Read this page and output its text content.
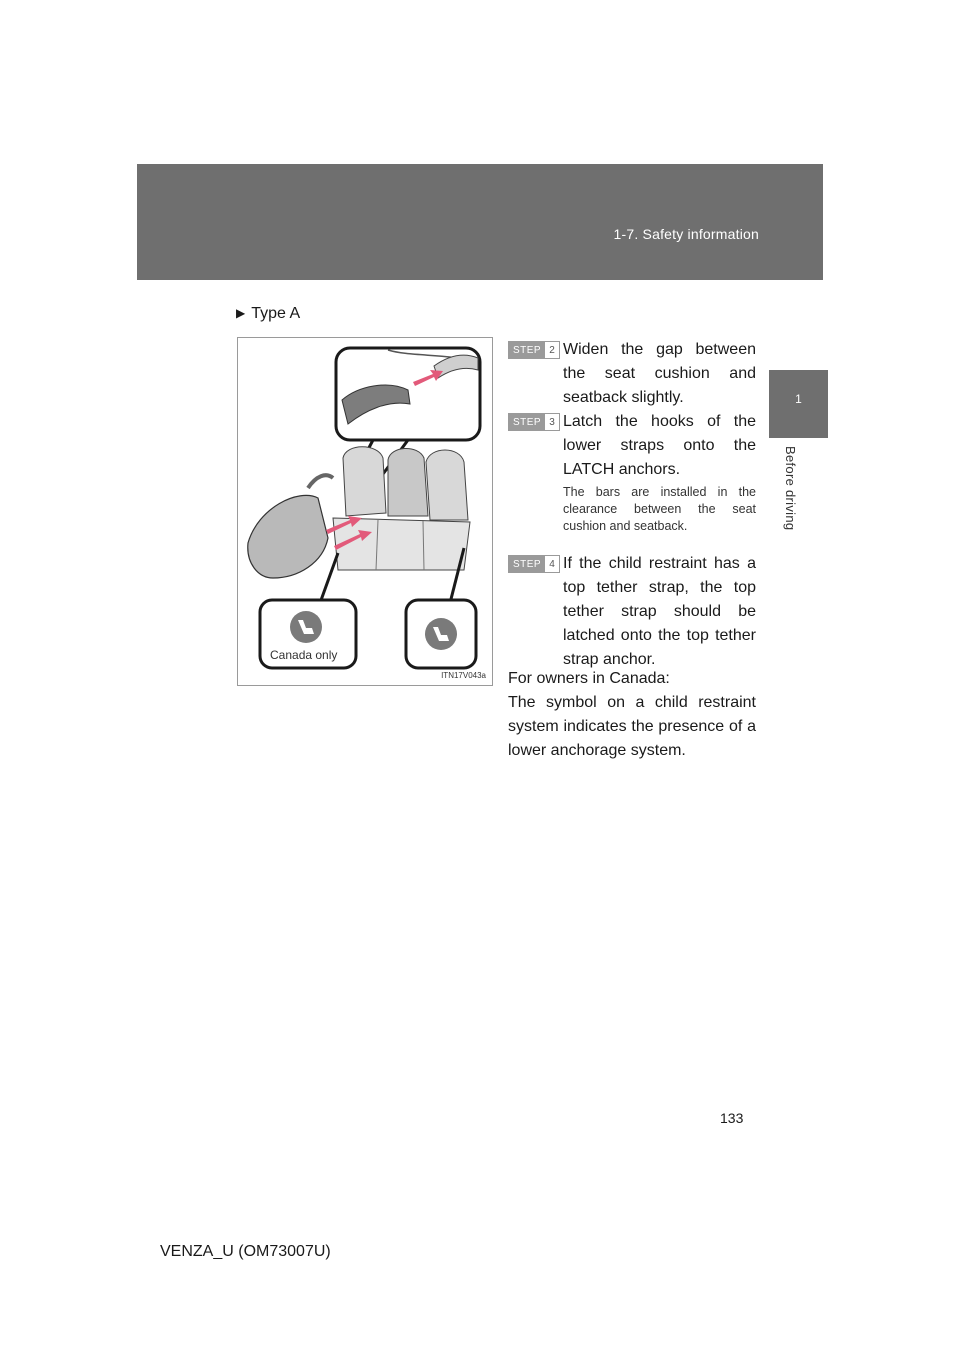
1-7. Safety information
1
Before driving
▶ Type A
Canada only
ITN17V043a
STEP 2 Widen the gap between the seat cushion and seatback slightly.
STEP 3 Latch the hooks of the lower straps onto the LATCH anchors.
The bars are installed in the clearance between the seat cushion and seatback.
STEP 4 If the child restraint has a top tether strap, the top tether strap should be latched onto the top tether strap anchor.

For owners in Canada:

The symbol on a child restraint system indicates the presence of a lower anchorage system.

133
VENZA_U (OM73007U)
